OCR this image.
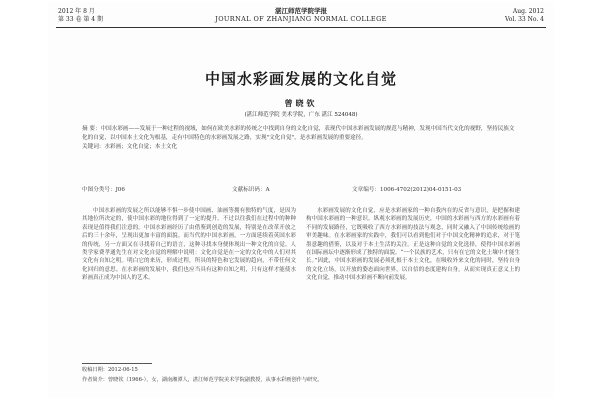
2012 年 8 月
第 33 卷 第 4 期
湛江师范学院学报
JOURNAL OF ZHANJIANG NORMAL COLLEGE
Aug. 2012
Vol. 33 No. 4
中国水彩画发展的文化自觉
曾晓钦
(湛江师范学院 美术学院，广东 湛江 524048)
摘 要：中国水彩画——发展于一种过程的视域，如何在欧美水彩的传统之中找到自身的文化自觉，表现代中国水彩画发展的规范与精神，发现中国当代文化的视野，坚持民族文化的自觉，以中国本土文化为根基，走有中国特色的水彩画发展之路，实现"文化自觉"，是水彩画发展的重要途径。
关键词：水彩画；文化自觉；本土文化
中图分类号：J06	文献标识码：A	文章编号：1006-4702(2012)04-0151-03
中国水彩画的发展之所以能够不惧一步使中国画、油画等拥有独特的气度，是因为其地位所决定的，使中国水彩的地位得到了一定的提升。不过以往我们在过程中的种种表现是值得我们注意的。中国水彩画经历了由借鉴到创造的发展，特别是在改革开放之后的三十余年，呈现出更加丰富的面貌。而当代的中国水彩画，一方面延续着英国水彩的传统，另一方面又在寻找着自己的语言，这种寻找本身便体现出一种文化的自觉。人类学家费孝通先生在对文化自觉的理解中说明：文化自觉是在一定的文化中的人们对其文化有自知之明。明白它的来历，形成过程，所具的特色和它发展的趋向，不带任何文化回归的意思。在水彩画的发展中，我们也应当具有这种自知之明，只有这样才能使水彩画真正成为中国人的艺术。
水彩画发展的文化自觉，应是水彩画家的一种自我内在的反省与意识，是把握和建构中国水彩画的一种意识。纵观水彩画的发展历史，中国的水彩画与西方的水彩画有着不同的发展路径，它既吸收了西方水彩画的技法与观念，同时又融入了中国传统绘画的审美趣味。在水彩画家的实践中，我们可以看到他们对于中国文化精神的追求，对于笔墨意趣的借鉴，以及对于本土生活的关注。正是这种自觉的文化选择，使得中国水彩画在国际画坛中逐渐形成了独特的面貌。“一个民族的艺术，只有在它的文化土壤中才能生长。”因此，中国水彩画的发展必须扎根于本土文化，在吸收外来文化的同时，坚持自身的文化立场，以开放的姿态面向世界，以自信的态度建构自身，从而实现真正意义上的文化自觉，推动中国水彩画不断向前发展。
收稿日期：2012-06-15
作者简介：曾晓钦（1966-），女，湖南湘潭人，湛江师范学院美术学院副教授，从事水彩画创作与研究。
